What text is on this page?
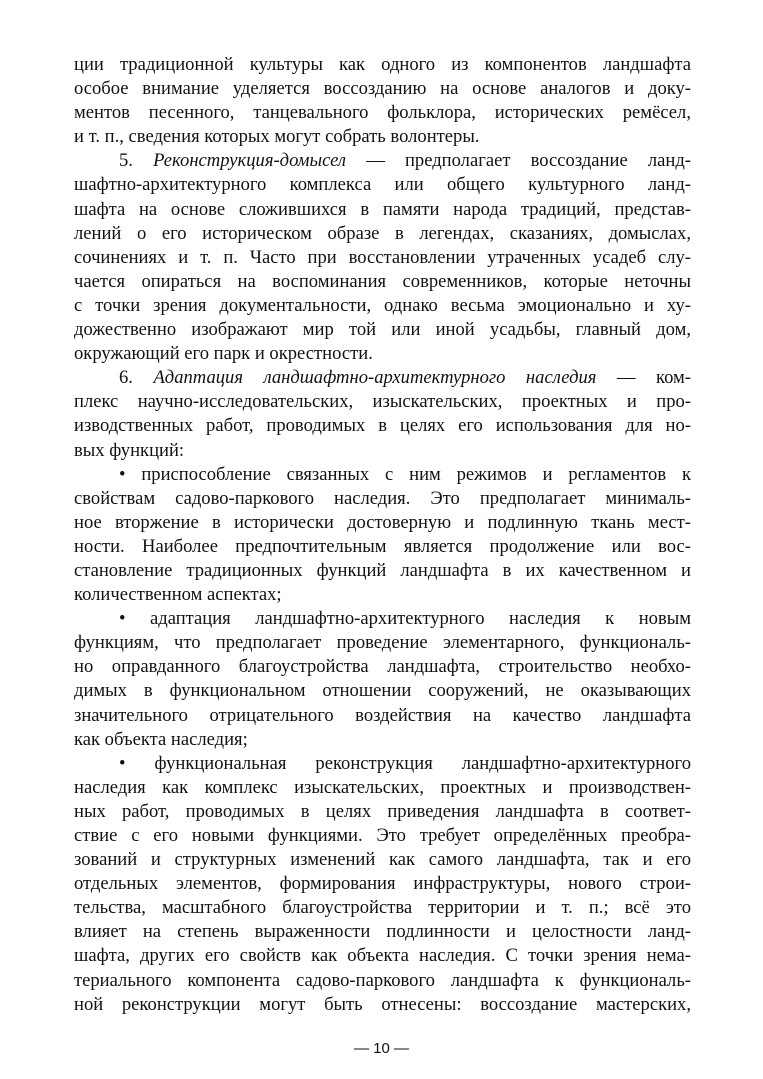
ции традиционной культуры как одного из компонентов ландшафта
особое внимание уделяется воссозданию на основе аналогов и доку-
ментов песенного, танцевального фольклора, исторических ремёсел,
и т. п., сведения которых могут собрать волонтеры.
5. Реконструкция-домысел — предполагает воссоздание ланд-
шафтно-архитектурного комплекса или общего культурного ланд-
шафта на основе сложившихся в памяти народа традиций, представ-
лений о его историческом образе в легендах, сказаниях, домыслах,
сочинениях и т. п. Часто при восстановлении утраченных усадеб слу-
чается опираться на воспоминания современников, которые неточны
с точки зрения документальности, однако весьма эмоционально и ху-
дожественно изображают мир той или иной усадьбы, главный дом,
окружающий его парк и окрестности.
6. Адаптация ландшафтно-архитектурного наследия — ком-
плекс научно-исследовательских, изыскательских, проектных и про-
изводственных работ, проводимых в целях его использования для но-
вых функций:
• приспособление связанных с ним режимов и регламентов к
свойствам садово-паркового наследия. Это предполагает минималь-
ное вторжение в исторически достоверную и подлинную ткань мест-
ности. Наиболее предпочтительным является продолжение или вос-
становление традиционных функций ландшафта в их качественном и
количественном аспектах;
• адаптация ландшафтно-архитектурного наследия к новым
функциям, что предполагает проведение элементарного, функциональ-
но оправданного благоустройства ландшафта, строительство необхо-
димых в функциональном отношении сооружений, не оказывающих
значительного отрицательного воздействия на качество ландшафта
как объекта наследия;
• функциональная реконструкция ландшафтно-архитектурного
наследия как комплекс изыскательских, проектных и производствен-
ных работ, проводимых в целях приведения ландшафта в соответ-
ствие с его новыми функциями. Это требует определённых преобра-
зований и структурных изменений как самого ландшафта, так и его
отдельных элементов, формирования инфраструктуры, нового строи-
тельства, масштабного благоустройства территории и т. п.; всё это
влияет на степень выраженности подлинности и целостности ланд-
шафта, других его свойств как объекта наследия. С точки зрения нема-
териального компонента садово-паркового ландшафта к функциональ-
ной реконструкции могут быть отнесены: воссоздание мастерских,
— 10 —
